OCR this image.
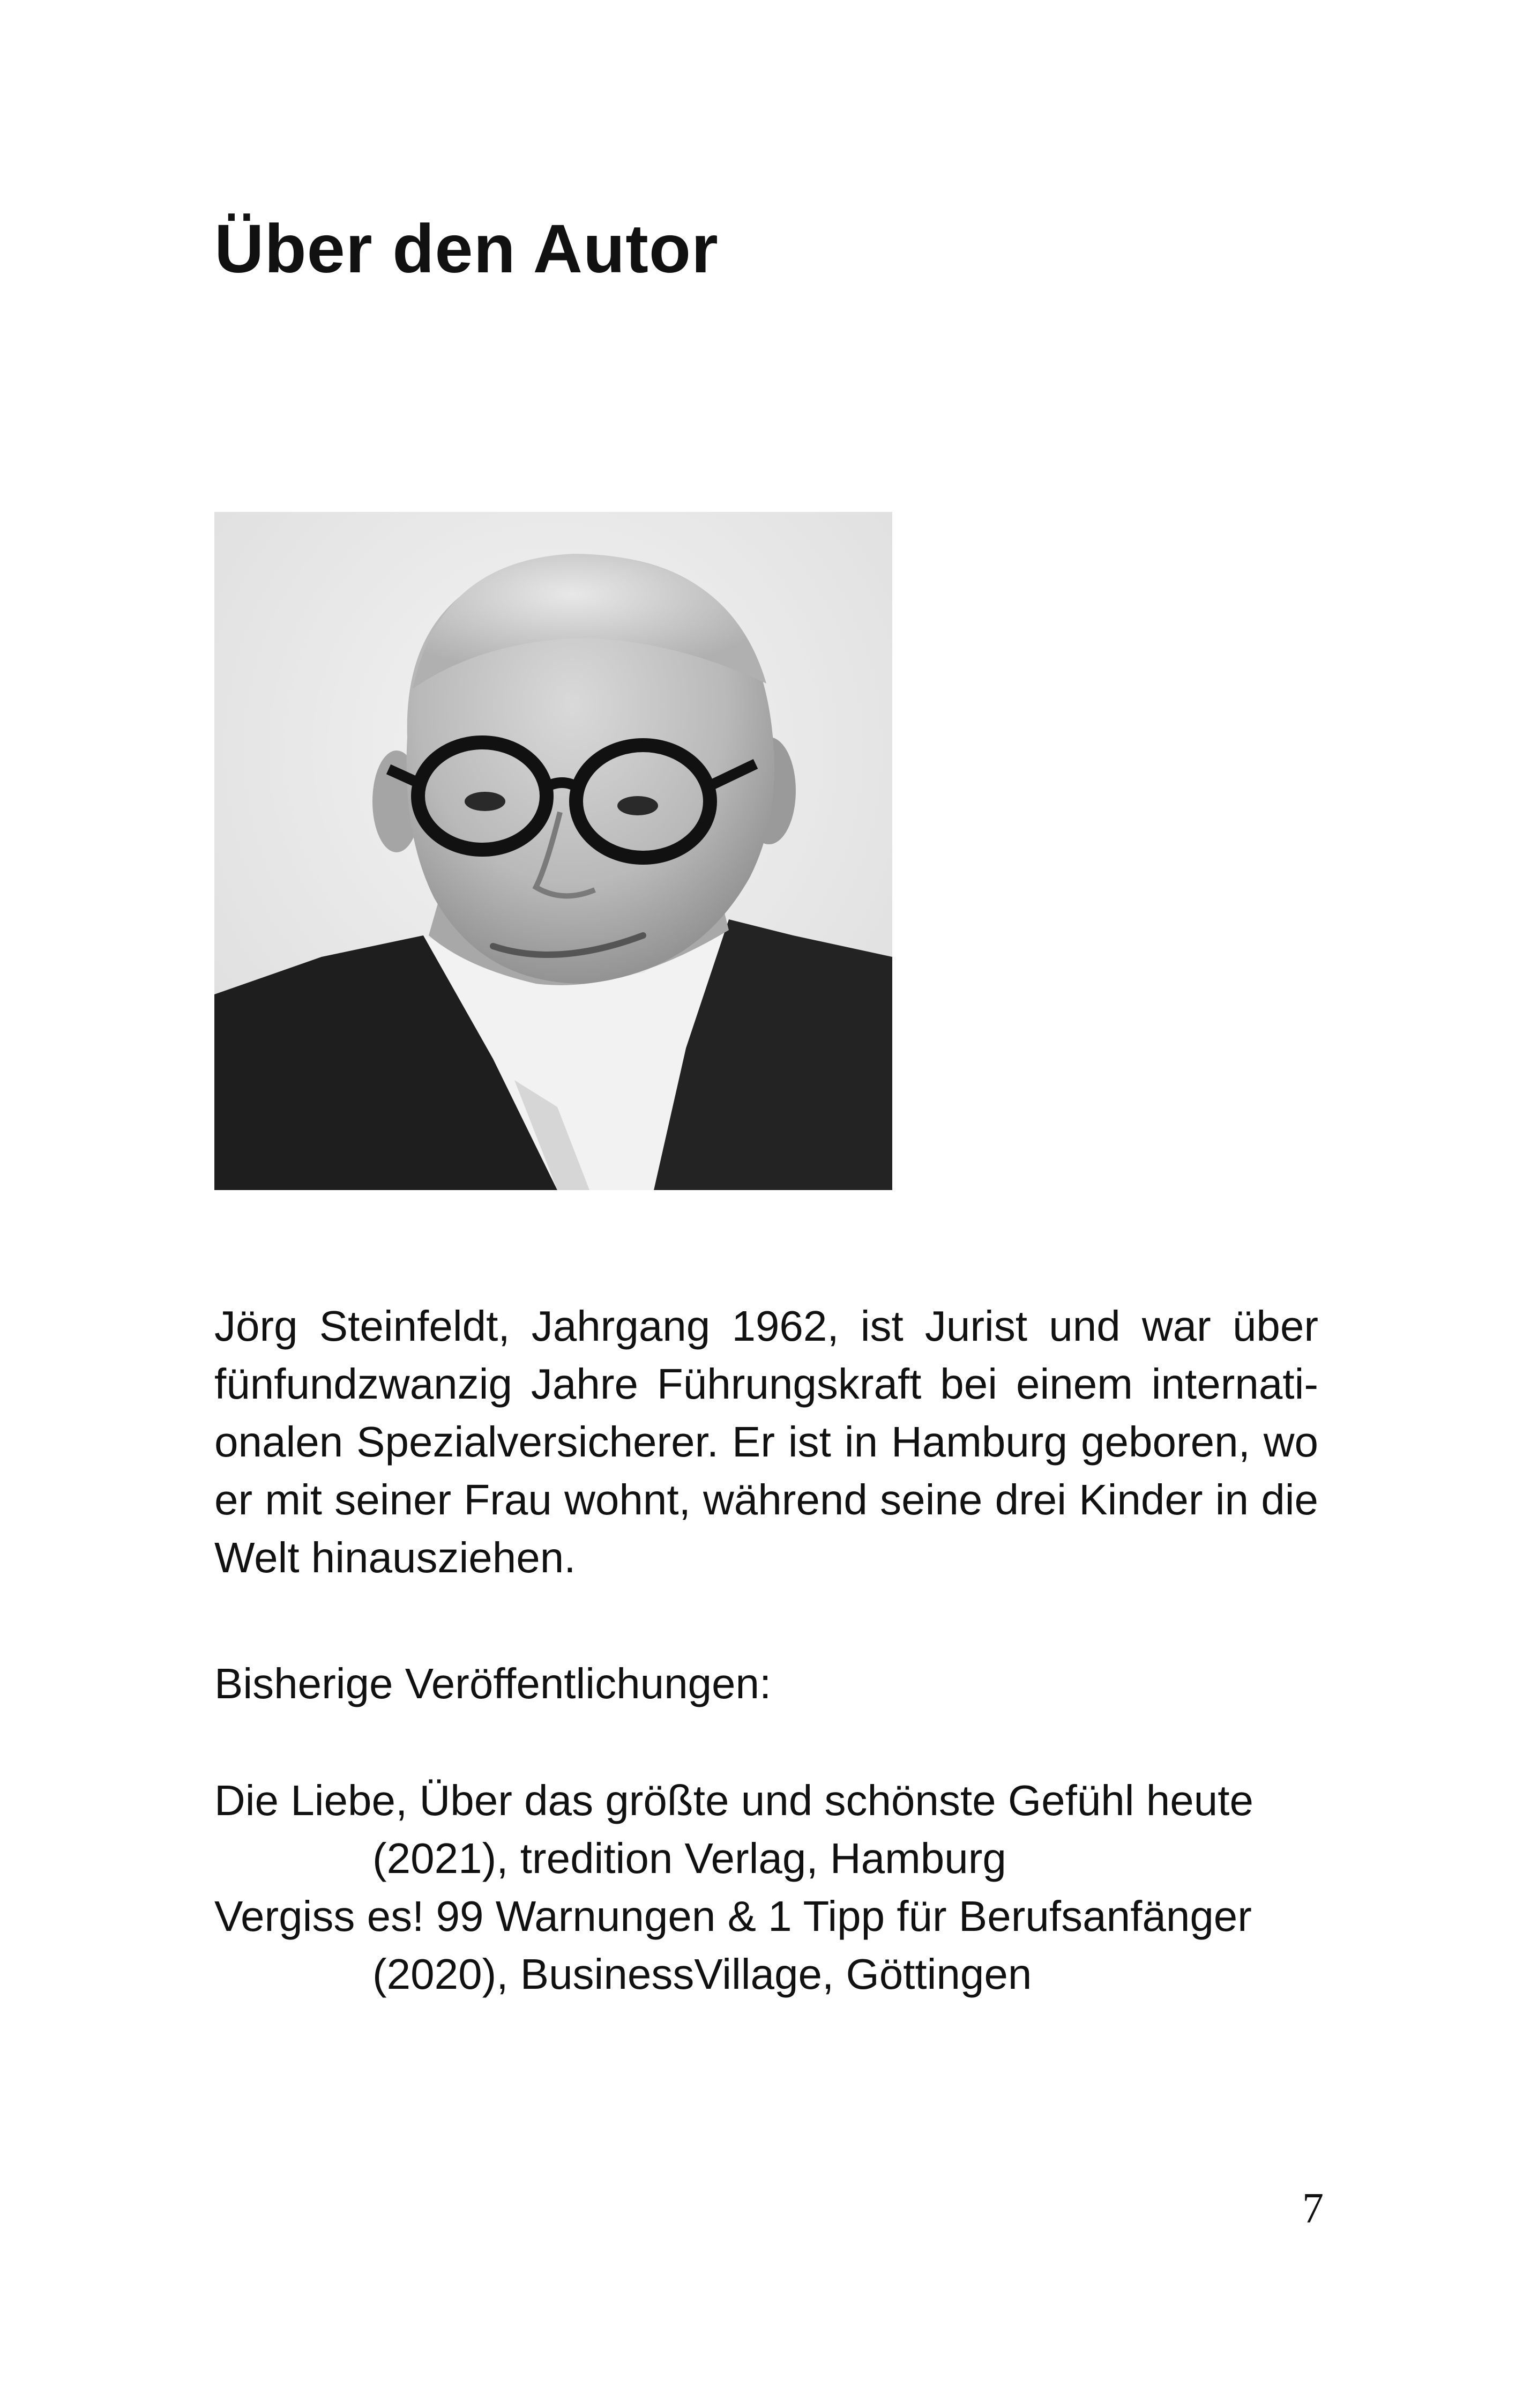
Über den Autor

Jörg Steinfeldt, Jahrgang 1962, ist Jurist und war über fünfundzwanzig Jahre Führungskraft bei einem internati-onalen Spezialversicherer. Er ist in Hamburg geboren, wo er mit seiner Frau wohnt, während seine drei Kinder in die Welt hinausziehen.

Bisherige Veröffentlichungen:

Die Liebe, Über das größte und schönste Gefühl heute
(2021), tredition Verlag, Hamburg
Vergiss es! 99 Warnungen & 1 Tipp für Berufsanfänger
(2020), BusinessVillage, Göttingen
7
